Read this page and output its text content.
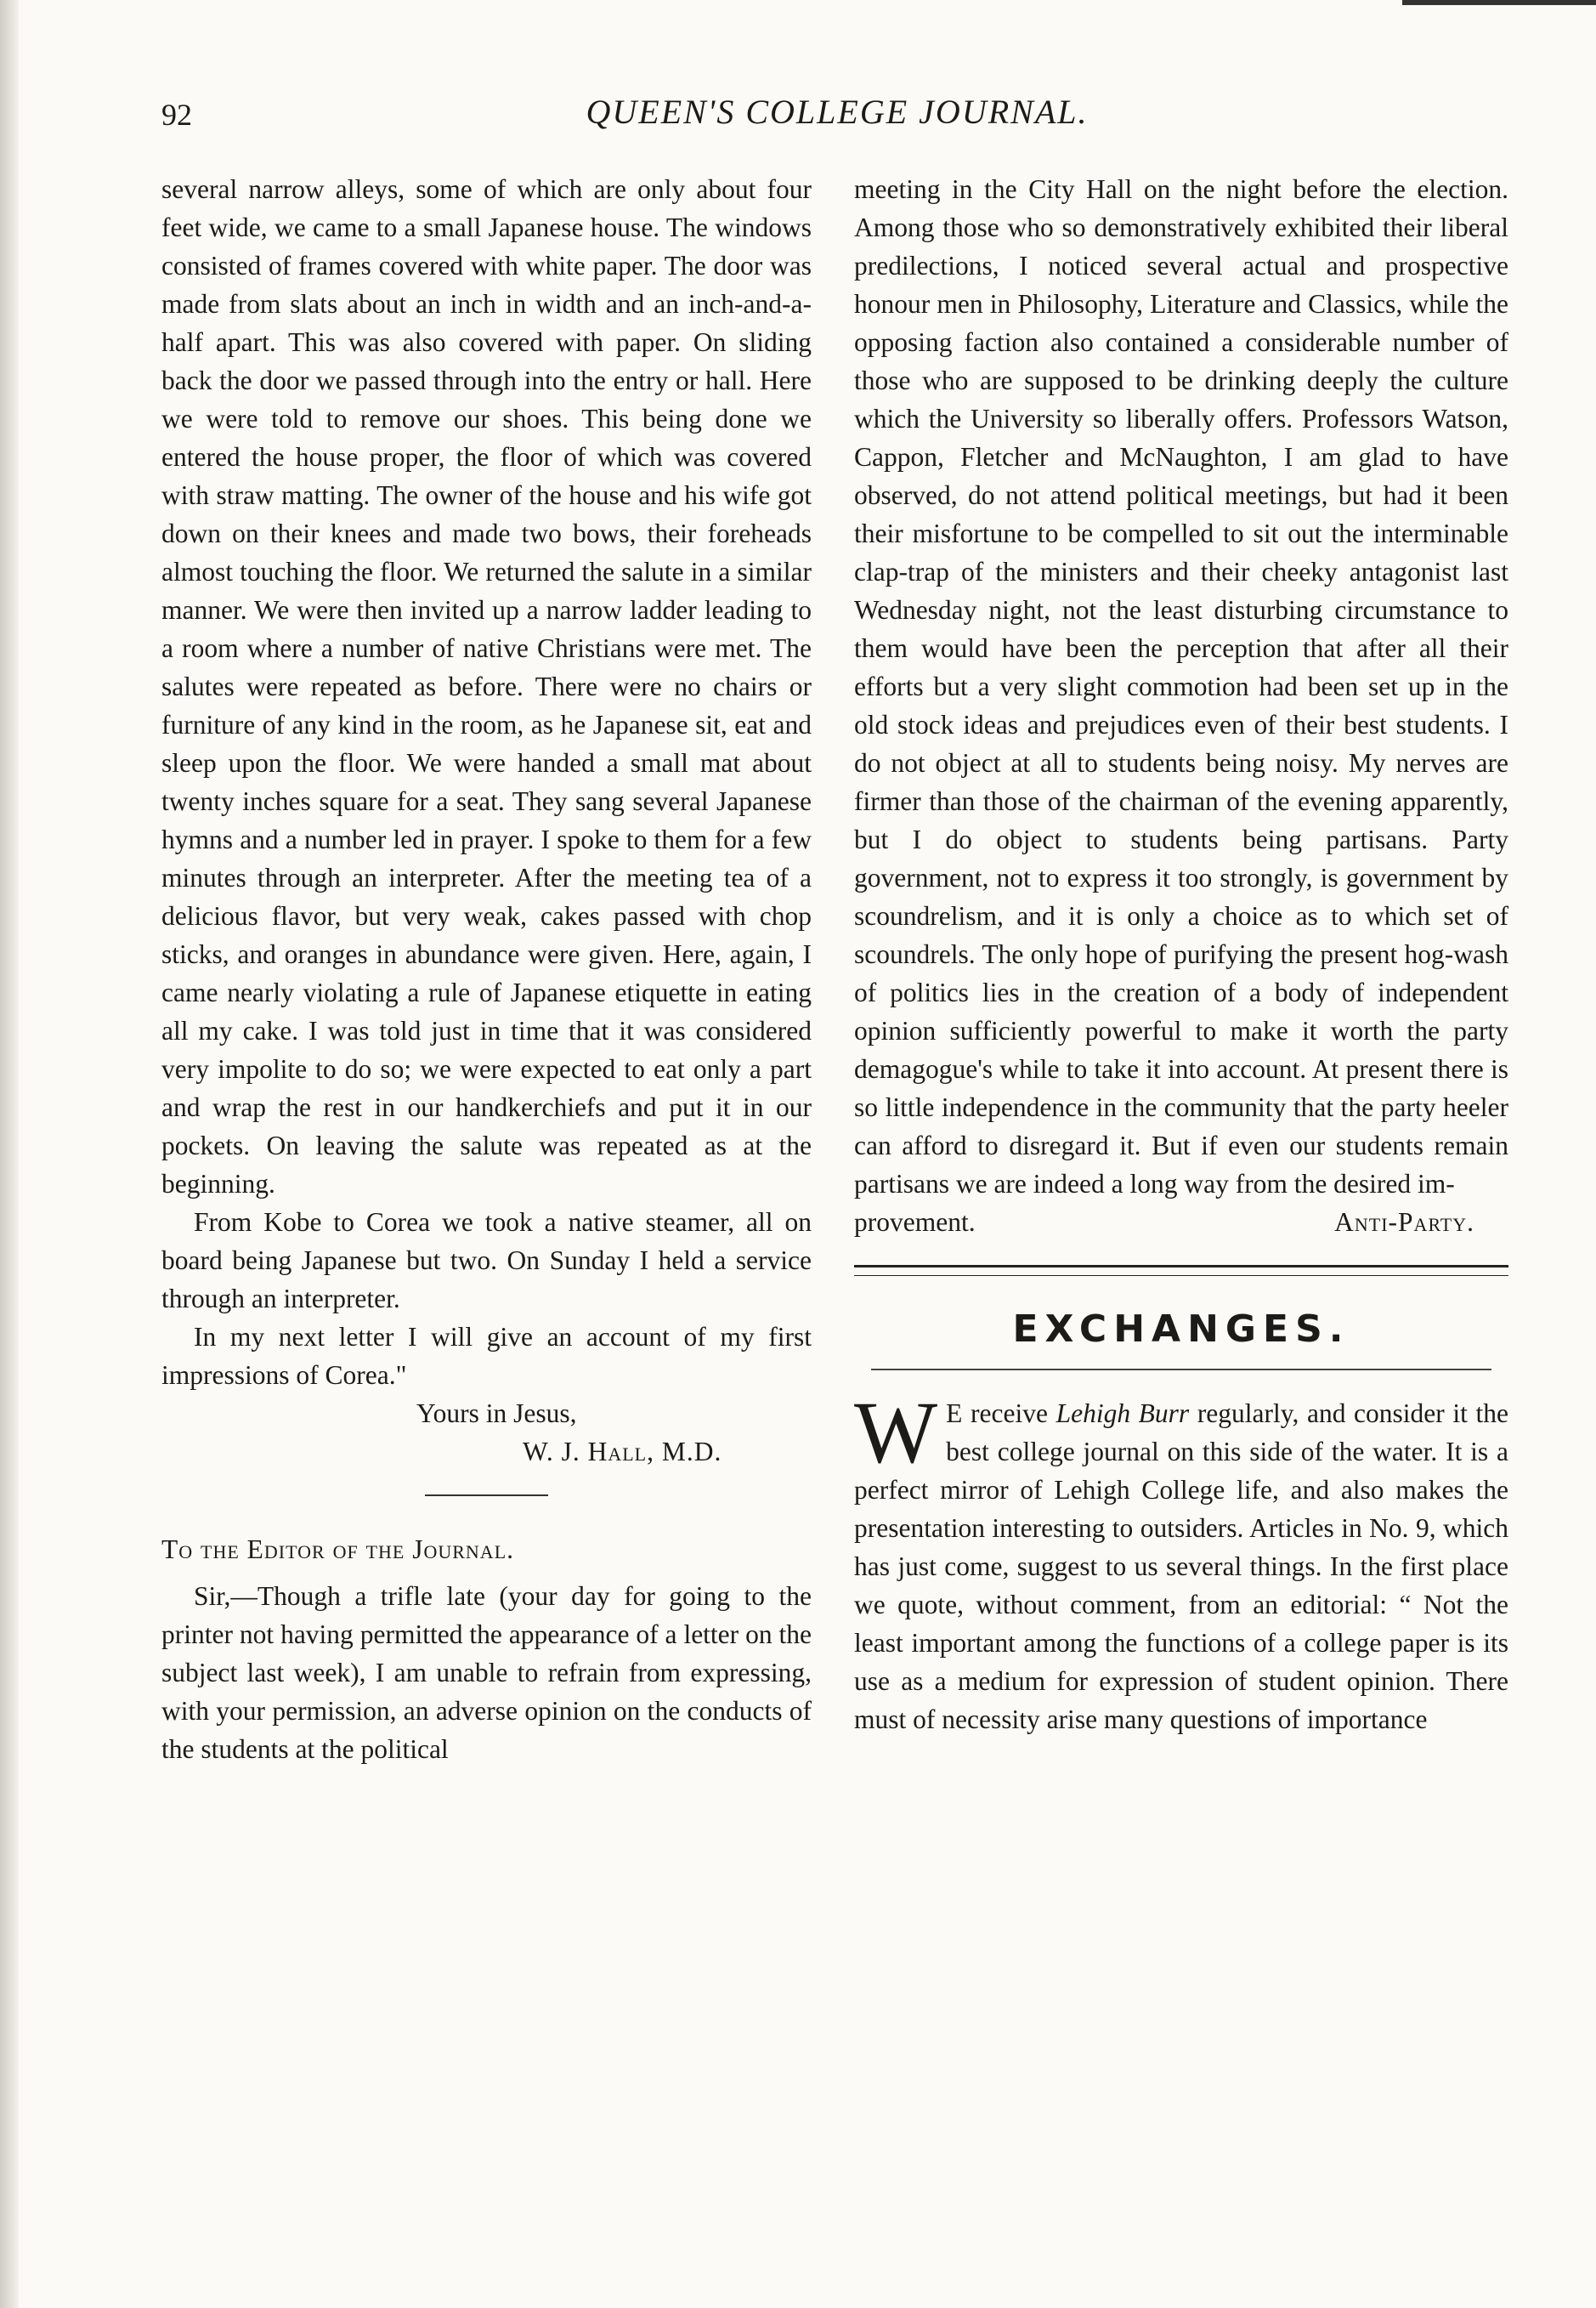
92	QUEEN'S COLLEGE JOURNAL.

several narrow alleys, some of which are only about four feet wide, we came to a small Japanese house. The windows consisted of frames covered with white paper. The door was made from slats about an inch in width and an inch-and-a-half apart. This was also covered with paper. On sliding back the door we passed through into the entry or hall. Here we were told to remove our shoes. This being done we entered the house proper, the floor of which was covered with straw matting. The owner of the house and his wife got down on their knees and made two bows, their foreheads almost touching the floor. We returned the salute in a similar manner. We were then invited up a narrow ladder leading to a room where a number of native Christians were met. The salutes were repeated as before. There were no chairs or furniture of any kind in the room, as he Japanese sit, eat and sleep upon the floor. We were handed a small mat about twenty inches square for a seat. They sang several Japanese hymns and a number led in prayer. I spoke to them for a few minutes through an interpreter. After the meeting tea of a delicious flavor, but very weak, cakes passed with chop sticks, and oranges in abundance were given. Here, again, I came nearly violating a rule of Japanese etiquette in eating all my cake. I was told just in time that it was considered very impolite to do so; we were expected to eat only a part and wrap the rest in our handkerchiefs and put it in our pockets. On leaving the salute was repeated as at the beginning.

From Kobe to Corea we took a native steamer, all on board being Japanese but two. On Sunday I held a service through an interpreter.

In my next letter I will give an account of my first impressions of Corea."

Yours in Jesus,

W. J. Hall, M.D.

To the Editor of the Journal.

Sir,—Though a trifle late (your day for going to the printer not having permitted the appearance of a letter on the subject last week), I am unable to refrain from expressing, with your permission, an adverse opinion on the conducts of the students at the political

meeting in the City Hall on the night before the election. Among those who so demonstratively exhibited their liberal predilections, I noticed several actual and prospective honour men in Philosophy, Literature and Classics, while the opposing faction also contained a considerable number of those who are supposed to be drinking deeply the culture which the University so liberally offers. Professors Watson, Cappon, Fletcher and McNaughton, I am glad to have observed, do not attend political meetings, but had it been their misfortune to be compelled to sit out the interminable clap-trap of the ministers and their cheeky antagonist last Wednesday night, not the least disturbing circumstance to them would have been the perception that after all their efforts but a very slight commotion had been set up in the old stock ideas and prejudices even of their best students. I do not object at all to students being noisy. My nerves are firmer than those of the chairman of the evening apparently, but I do object to students being partisans. Party government, not to express it too strongly, is government by scoundrelism, and it is only a choice as to which set of scoundrels. The only hope of purifying the present hog-wash of politics lies in the creation of a body of independent opinion sufficiently powerful to make it worth the party demagogue's while to take it into account. At present there is so little independence in the community that the party heeler can afford to disregard it. But if even our students remain partisans we are indeed a long way from the desired im-

provement.	Anti-Party.
EXCHANGES.

W E receive Lehigh Burr regularly, and consider it the best college journal on this side of the water. It is a perfect mirror of Lehigh College life, and also makes the presentation interesting to outsiders. Articles in No. 9, which has just come, suggest to us several things. In the first place we quote, without comment, from an editorial: “ Not the least important among the functions of a college paper is its use as a medium for expression of student opinion. There must of necessity arise many questions of importance
